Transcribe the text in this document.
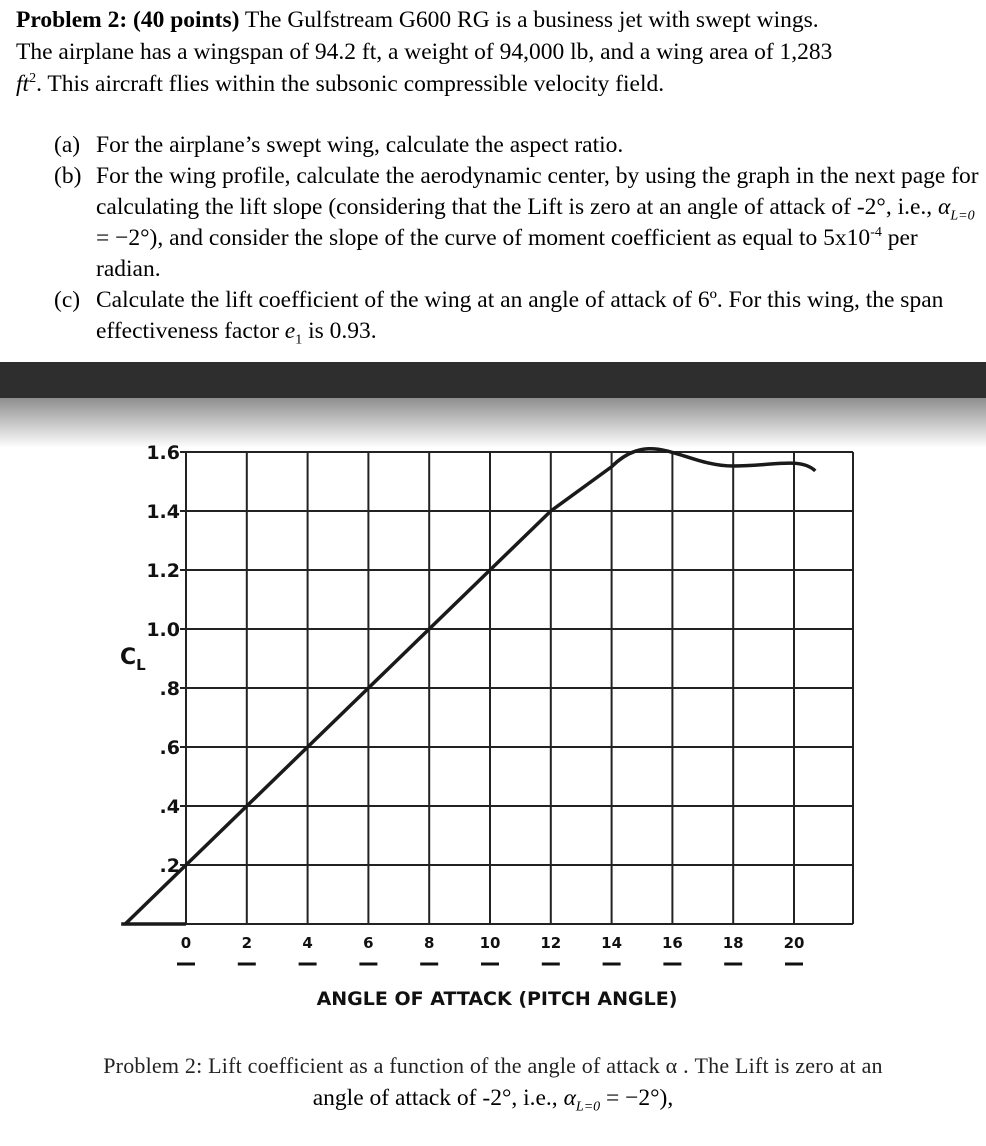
Problem 2: (40 points) The Gulfstream G600 RG is a business jet with swept wings.
The airplane has a wingspan of 94.2 ft, a weight of 94,000 lb, and a wing area of 1,283
$ft^2$. This aircraft flies within the subsonic compressible velocity field.
(a) For the airplane’s swept wing, calculate the aspect ratio.
(b) For the wing profile, calculate the aerodynamic center, by using the graph in the next page for calculating the lift slope (considering that the Lift is zero at an angle of attack of -2°, i.e., $\alpha_{L=0} = -2^\circ$), and consider the slope of the curve of moment coefficient as equal to $5x10^{-4}$ per radian.
(c) Calculate the lift coefficient of the wing at an angle of attack of 6º. For this wing, the span effectiveness factor $e_1$ is 0.93.
0	2	4	6	8	10	12	14	16	18	20
.2
.4
.6
.8
1.0
1.2
1.4
1.6
$C_L$
ANGLE OF ATTACK (PITCH ANGLE)
Problem 2: Lift coefficient as a function of the angle of attack α . The Lift is zero at an
angle of attack of -2°, i.e., $\alpha_{L=0} = -2^\circ$),
